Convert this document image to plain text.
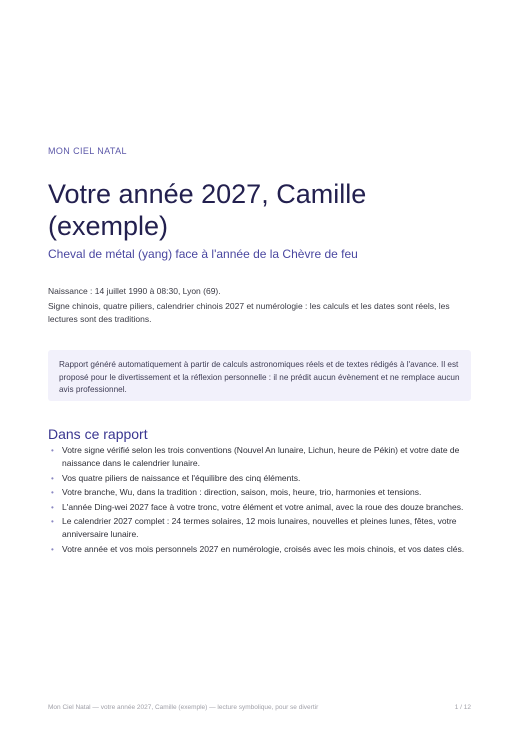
MON CIEL NATAL
Votre année 2027, Camille (exemple)
Cheval de métal (yang) face à l'année de la Chèvre de feu
Naissance : 14 juillet 1990 à 08:30, Lyon (69).
Signe chinois, quatre piliers, calendrier chinois 2027 et numérologie : les calculs et les dates sont réels, les lectures sont des traditions.
Rapport généré automatiquement à partir de calculs astronomiques réels et de textes rédigés à l'avance. Il est proposé pour le divertissement et la réflexion personnelle : il ne prédit aucun évènement et ne remplace aucun avis professionnel.
Dans ce rapport
• Votre signe vérifié selon les trois conventions (Nouvel An lunaire, Lichun, heure de Pékin) et votre date de naissance dans le calendrier lunaire.
• Vos quatre piliers de naissance et l'équilibre des cinq éléments.
• Votre branche, Wu, dans la tradition : direction, saison, mois, heure, trio, harmonies et tensions.
• L'année Ding-wei 2027 face à votre tronc, votre élément et votre animal, avec la roue des douze branches.
• Le calendrier 2027 complet : 24 termes solaires, 12 mois lunaires, nouvelles et pleines lunes, fêtes, votre anniversaire lunaire.
• Votre année et vos mois personnels 2027 en numérologie, croisés avec les mois chinois, et vos dates clés.
Mon Ciel Natal — votre année 2027, Camille (exemple) — lecture symbolique, pour se divertir	1 / 12
